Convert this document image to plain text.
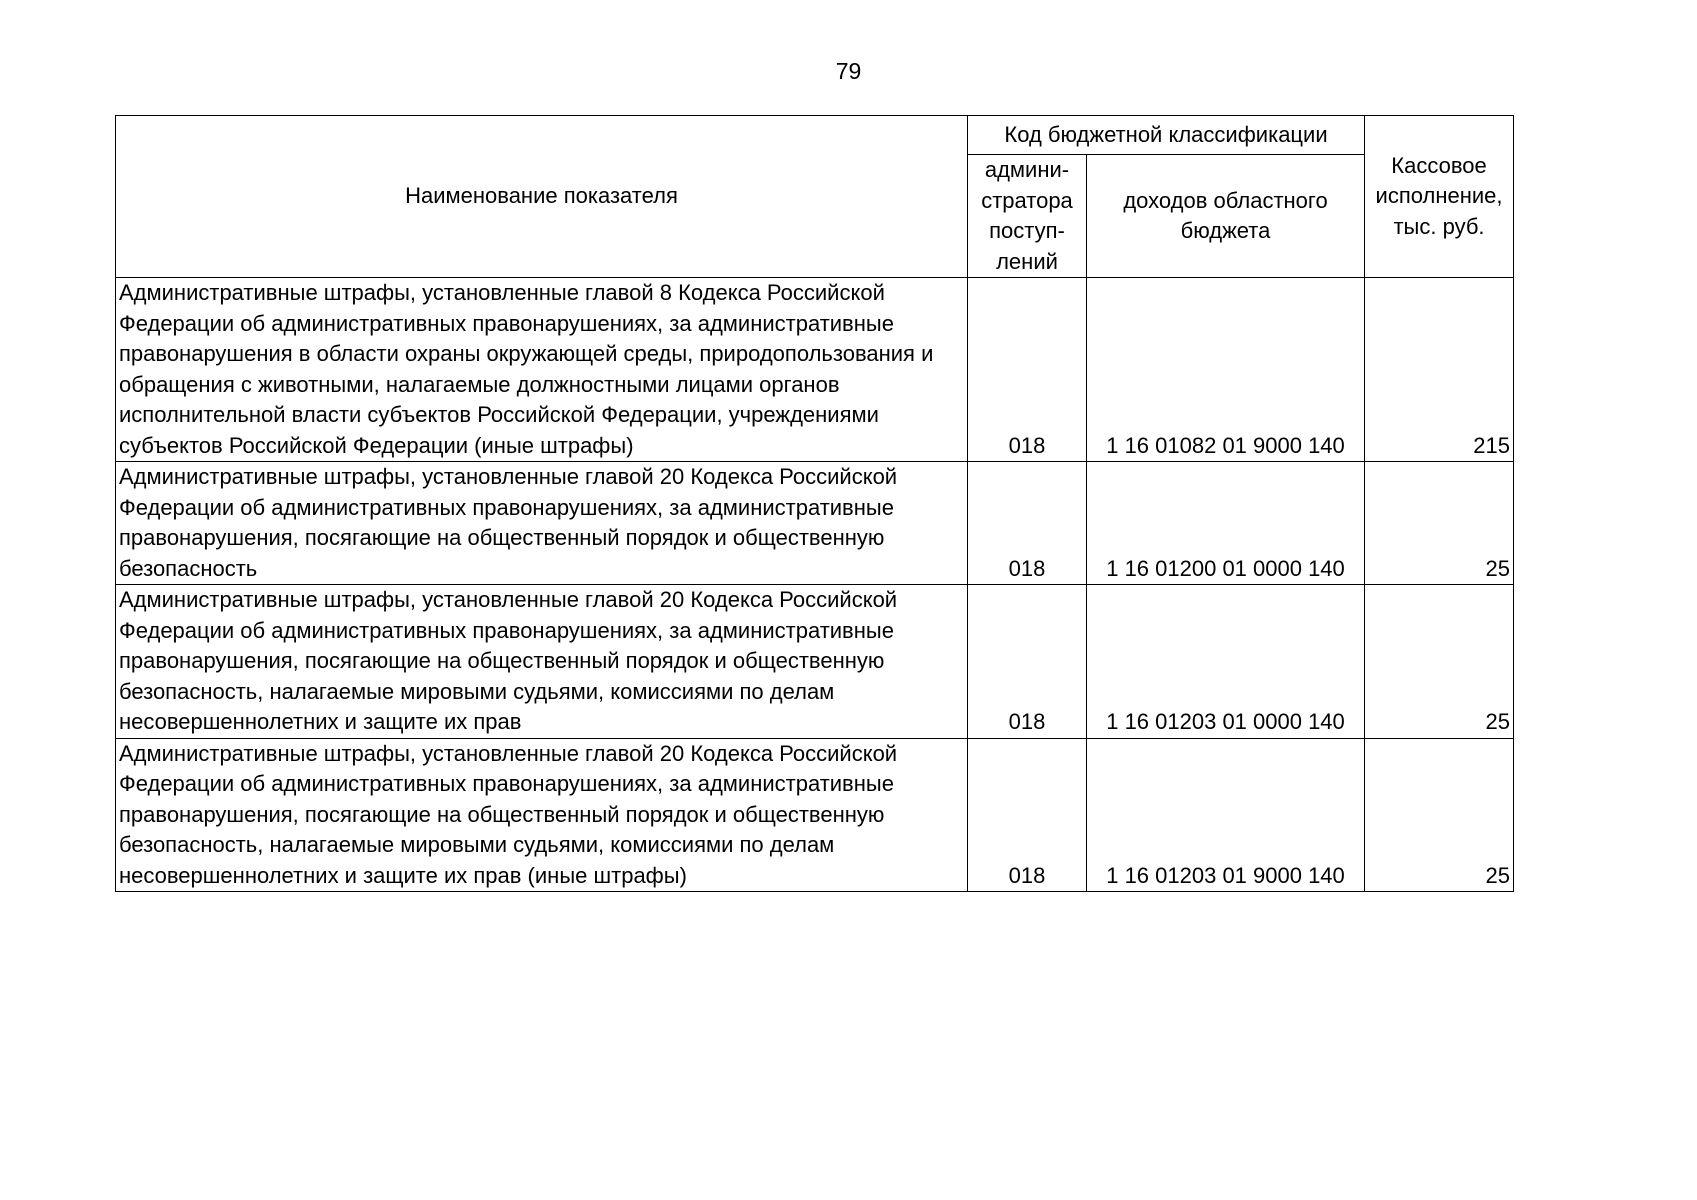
79
Наименование показателя	Код бюджетной классификации		Кассовое исполнение, тыс. руб.
	админи-стратора поступ-лений	доходов областного бюджета	
Административные штрафы, установленные главой 8 Кодекса Российской Федерации об административных правонарушениях, за административные правонарушения в области охраны окружающей среды, природопользования и обращения с животными, налагаемые должностными лицами органов исполнительной власти субъектов Российской Федерации, учреждениями субъектов Российской Федерации (иные штрафы)	018	1 16 01082 01 9000 140	215
Административные штрафы, установленные главой 20 Кодекса Российской Федерации об административных правонарушениях, за административные правонарушения, посягающие на общественный порядок и общественную безопасность	018	1 16 01200 01 0000 140	25
Административные штрафы, установленные главой 20 Кодекса Российской Федерации об административных правонарушениях, за административные правонарушения, посягающие на общественный порядок и общественную безопасность, налагаемые мировыми судьями, комиссиями по делам несовершеннолетних и защите их прав	018	1 16 01203 01 0000 140	25
Административные штрафы, установленные главой 20 Кодекса Российской Федерации об административных правонарушениях, за административные правонарушения, посягающие на общественный порядок и общественную безопасность, налагаемые мировыми судьями, комиссиями по делам несовершеннолетних и защите их прав (иные штрафы)	018	1 16 01203 01 9000 140	25
